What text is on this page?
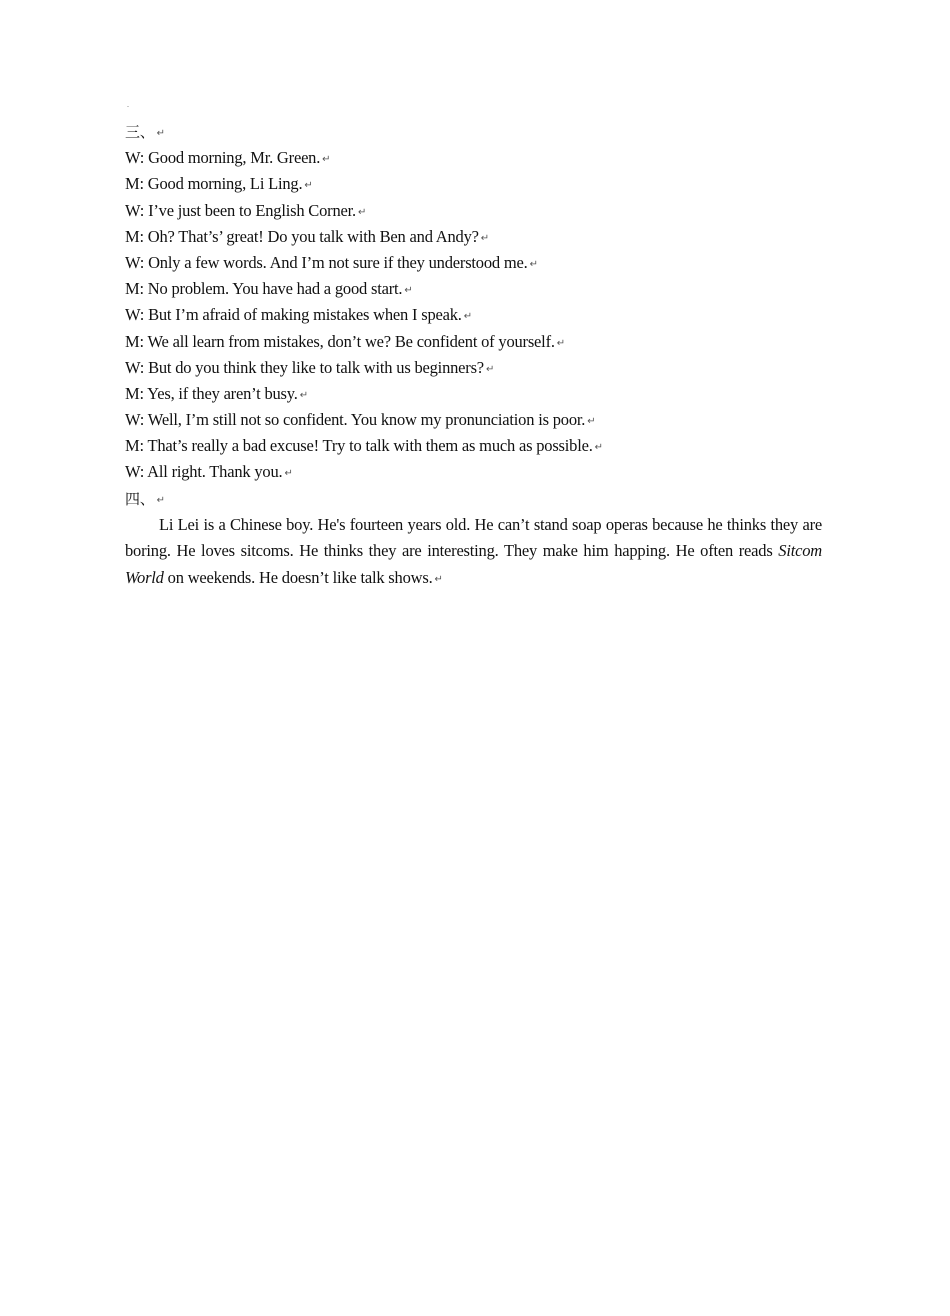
.
三、 ↵
W: Good morning, Mr. Green. ↵
M: Good morning, Li Ling. ↵
W: I’ve just been to English Corner. ↵
M: Oh? That’s’ great! Do you talk with Ben and Andy? ↵
W: Only a few words. And I’m not sure if they understood me. ↵
M: No problem. You have had a good start. ↵
W: But I’m afraid of making mistakes when I speak. ↵
M: We all learn from mistakes, don’t we? Be confident of yourself. ↵
W: But do you think they like to talk with us beginners? ↵
M: Yes, if they aren’t busy. ↵
W: Well, I’m still not so confident. You know my pronunciation is poor. ↵
M: That’s really a bad excuse! Try to talk with them as much as possible. ↵
W: All right. Thank you. ↵
四、 ↵

Li Lei is a Chinese boy. He's fourteen years old. He can’t stand soap operas because he thinks they are boring. He loves sitcoms. He thinks they are interesting. They make him happing. He often reads Sitcom World on weekends. He doesn’t like talk shows. ↵
